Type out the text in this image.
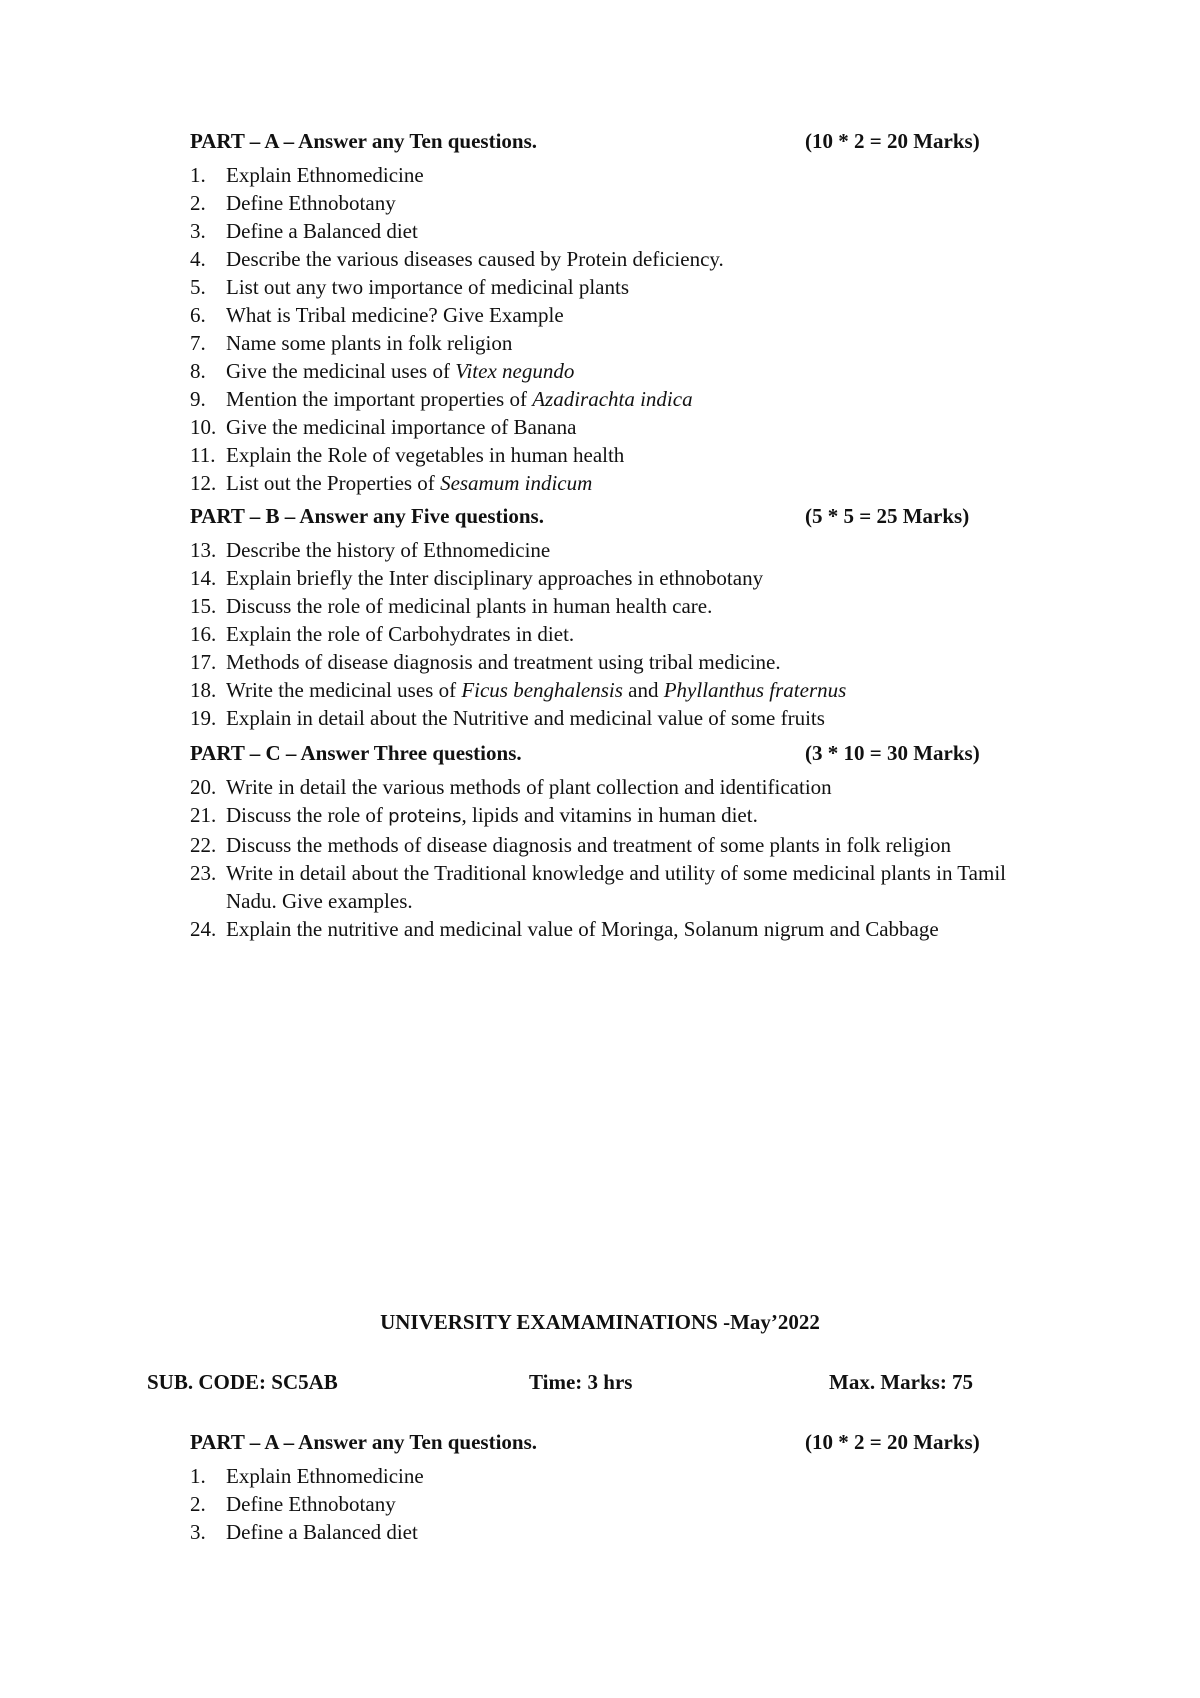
PART – A – Answer any Ten questions.	(10 * 2 = 20 Marks)
1. Explain Ethnomedicine
2. Define Ethnobotany
3. Define a Balanced diet
4. Describe the various diseases caused by Protein deficiency.
5. List out any two importance of medicinal plants
6. What is Tribal medicine? Give Example
7. Name some plants in folk religion
8. Give the medicinal uses of Vitex negundo
9. Mention the important properties of Azadirachta indica
10. Give the medicinal importance of Banana
11. Explain the Role of vegetables in human health
12. List out the Properties of Sesamum indicum
PART – B – Answer any Five questions.	(5 * 5 = 25 Marks)
13. Describe the history of Ethnomedicine
14. Explain briefly the Inter disciplinary approaches in ethnobotany
15. Discuss the role of medicinal plants in human health care.
16. Explain the role of Carbohydrates in diet.
17. Methods of disease diagnosis and treatment using tribal medicine.
18. Write the medicinal uses of Ficus benghalensis and Phyllanthus fraternus
19. Explain in detail about the Nutritive and medicinal value of some fruits
PART – C – Answer Three questions.	(3 * 10 = 30 Marks)
20. Write in detail the various methods of plant collection and identification
21. Discuss the role of proteins, lipids and vitamins in human diet.
22. Discuss the methods of disease diagnosis and treatment of some plants in folk religion
23. Write in detail about the Traditional knowledge and utility of some medicinal plants in Tamil Nadu. Give examples.
24. Explain the nutritive and medicinal value of Moringa, Solanum nigrum and Cabbage
UNIVERSITY EXAMAMINATIONS -May’2022
SUB. CODE: SC5AB	Time: 3 hrs	Max. Marks: 75
PART – A – Answer any Ten questions.	(10 * 2 = 20 Marks)
1. Explain Ethnomedicine
2. Define Ethnobotany
3. Define a Balanced diet
